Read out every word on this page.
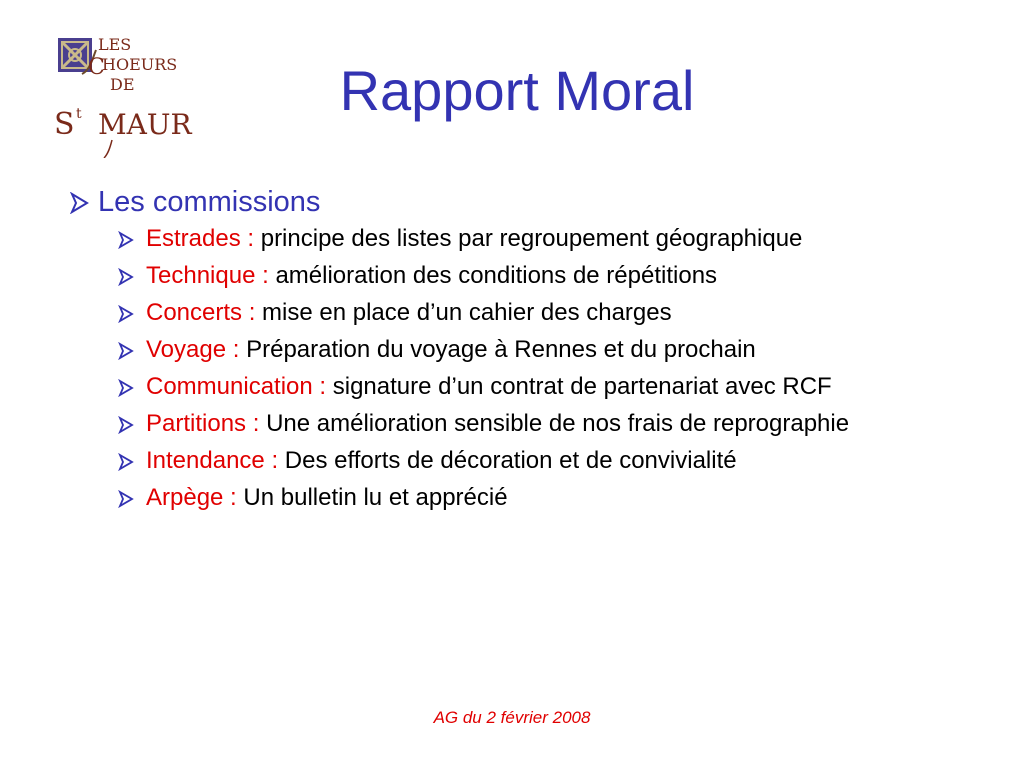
LES
C
HOEURS
DE
S t MAUR
Rapport Moral
Les commissions
Estrades : principe des listes par regroupement géographique
Technique : amélioration des conditions de répétitions
Concerts : mise en place d’un cahier des charges
Voyage : Préparation du voyage à Rennes et du prochain
Communication : signature d’un contrat de partenariat avec RCF
Partitions : Une amélioration sensible de nos frais de reprographie
Intendance : Des efforts de décoration et de convivialité
Arpège : Un bulletin lu et apprécié
AG du 2 février 2008
